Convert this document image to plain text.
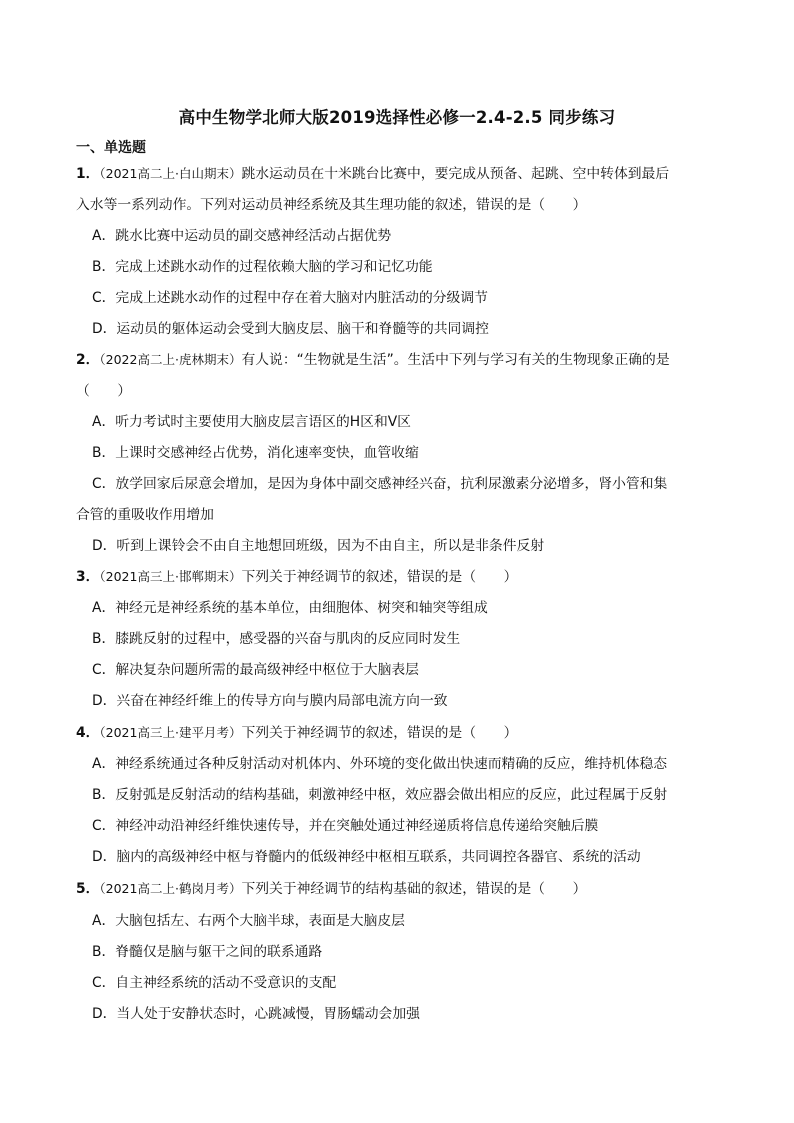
高中生物学北师大版2019选择性必修一2.4-2.5 同步练习
一、单选题
1．（2021高二上·白山期末）跳水运动员在十米跳台比赛中，要完成从预备、起跳、空中转体到最后
入水等一系列动作。下列对运动员神经系统及其生理功能的叙述，错误的是（　　）
A．跳水比赛中运动员的副交感神经活动占据优势
B．完成上述跳水动作的过程依赖大脑的学习和记忆功能
C．完成上述跳水动作的过程中存在着大脑对内脏活动的分级调节
D．运动员的躯体运动会受到大脑皮层、脑干和脊髓等的共同调控
2．（2022高二上·虎林期末）有人说：“生物就是生活”。生活中下列与学习有关的生物现象正确的是
（　　）
A．听力考试时主要使用大脑皮层言语区的H区和V区
B．上课时交感神经占优势，消化速率变快，血管收缩
C．放学回家后尿意会增加，是因为身体中副交感神经兴奋，抗利尿激素分泌增多，肾小管和集
合管的重吸收作用增加
D．听到上课铃会不由自主地想回班级，因为不由自主，所以是非条件反射
3．（2021高三上·邯郸期末）下列关于神经调节的叙述，错误的是（　　）
A．神经元是神经系统的基本单位，由细胞体、树突和轴突等组成
B．膝跳反射的过程中，感受器的兴奋与肌肉的反应同时发生
C．解决复杂问题所需的最高级神经中枢位于大脑表层
D．兴奋在神经纤维上的传导方向与膜内局部电流方向一致
4．（2021高三上·建平月考）下列关于神经调节的叙述，错误的是（　　）
A．神经系统通过各种反射活动对机体内、外环境的变化做出快速而精确的反应，维持机体稳态
B．反射弧是反射活动的结构基础，刺激神经中枢，效应器会做出相应的反应，此过程属于反射
C．神经冲动沿神经纤维快速传导，并在突触处通过神经递质将信息传递给突触后膜
D．脑内的高级神经中枢与脊髓内的低级神经中枢相互联系，共同调控各器官、系统的活动
5．（2021高二上·鹤岗月考）下列关于神经调节的结构基础的叙述，错误的是（　　）
A．大脑包括左、右两个大脑半球，表面是大脑皮层
B．脊髓仅是脑与躯干之间的联系通路
C．自主神经系统的活动不受意识的支配
D．当人处于安静状态时，心跳减慢，胃肠蠕动会加强
